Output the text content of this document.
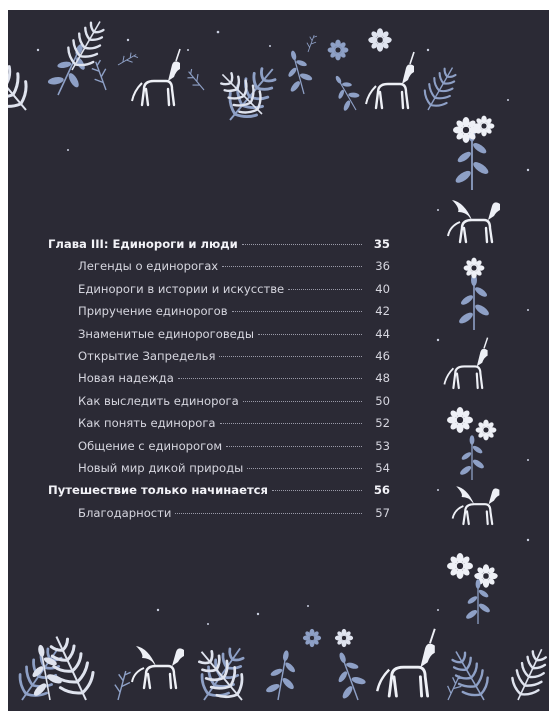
Глава III: Единороги и люди	35
Легенды о единорогах	36
Единороги в истории и искусстве	40
Приручение единорогов	42
Знаменитые единороговеды	44
Открытие Запределья	46
Новая надежда	48
Как выследить единорога	50
Как понять единорога	52
Общение с единорогом	53
Новый мир дикой природы	54
Путешествие только начинается	56
Благодарности	57
